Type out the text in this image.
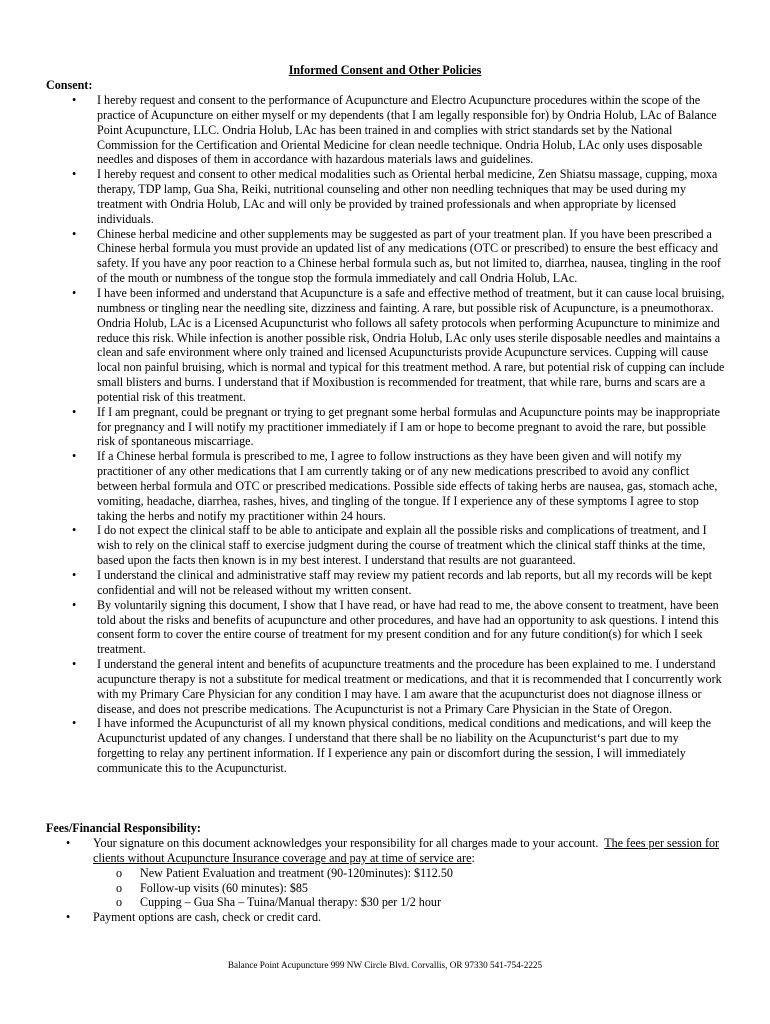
Informed Consent and Other Policies
Consent:
• I hereby request and consent to the performance of Acupuncture and Electro Acupuncture procedures within the scope of the practice of Acupuncture on either myself or my dependents (that I am legally responsible for) by Ondria Holub, LAc of Balance Point Acupuncture, LLC. Ondria Holub, LAc has been trained in and complies with strict standards set by the National Commission for the Certification and Oriental Medicine for clean needle technique. Ondria Holub, LAc only uses disposable needles and disposes of them in accordance with hazardous materials laws and guidelines.
• I hereby request and consent to other medical modalities such as Oriental herbal medicine, Zen Shiatsu massage, cupping, moxa therapy, TDP lamp, Gua Sha, Reiki, nutritional counseling and other non needling techniques that may be used during my treatment with Ondria Holub, LAc and will only be provided by trained professionals and when appropriate by licensed individuals.
• Chinese herbal medicine and other supplements may be suggested as part of your treatment plan. If you have been prescribed a Chinese herbal formula you must provide an updated list of any medications (OTC or prescribed) to ensure the best efficacy and safety. If you have any poor reaction to a Chinese herbal formula such as, but not limited to, diarrhea, nausea, tingling in the roof of the mouth or numbness of the tongue stop the formula immediately and call Ondria Holub, LAc.
• I have been informed and understand that Acupuncture is a safe and effective method of treatment, but it can cause local bruising, numbness or tingling near the needling site, dizziness and fainting. A rare, but possible risk of Acupuncture, is a pneumothorax. Ondria Holub, LAc is a Licensed Acupuncturist who follows all safety protocols when performing Acupuncture to minimize and reduce this risk. While infection is another possible risk, Ondria Holub, LAc only uses sterile disposable needles and maintains a clean and safe environment where only trained and licensed Acupuncturists provide Acupuncture services. Cupping will cause local non painful bruising, which is normal and typical for this treatment method. A rare, but potential risk of cupping can include small blisters and burns. I understand that if Moxibustion is recommended for treatment, that while rare, burns and scars are a potential risk of this treatment.
• If I am pregnant, could be pregnant or trying to get pregnant some herbal formulas and Acupuncture points may be inappropriate for pregnancy and I will notify my practitioner immediately if I am or hope to become pregnant to avoid the rare, but possible risk of spontaneous miscarriage.
• If a Chinese herbal formula is prescribed to me, I agree to follow instructions as they have been given and will notify my practitioner of any other medications that I am currently taking or of any new medications prescribed to avoid any conflict between herbal formula and OTC or prescribed medications. Possible side effects of taking herbs are nausea, gas, stomach ache, vomiting, headache, diarrhea, rashes, hives, and tingling of the tongue. If I experience any of these symptoms I agree to stop taking the herbs and notify my practitioner within 24 hours.
• I do not expect the clinical staff to be able to anticipate and explain all the possible risks and complications of treatment, and I wish to rely on the clinical staff to exercise judgment during the course of treatment which the clinical staff thinks at the time, based upon the facts then known is in my best interest. I understand that results are not guaranteed.
• I understand the clinical and administrative staff may review my patient records and lab reports, but all my records will be kept confidential and will not be released without my written consent.
• By voluntarily signing this document, I show that I have read, or have had read to me, the above consent to treatment, have been told about the risks and benefits of acupuncture and other procedures, and have had an opportunity to ask questions. I intend this consent form to cover the entire course of treatment for my present condition and for any future condition(s) for which I seek treatment.
• I understand the general intent and benefits of acupuncture treatments and the procedure has been explained to me. I understand acupuncture therapy is not a substitute for medical treatment or medications, and that it is recommended that I concurrently work with my Primary Care Physician for any condition I may have. I am aware that the acupuncturist does not diagnose illness or disease, and does not prescribe medications. The Acupuncturist is not a Primary Care Physician in the State of Oregon.
• I have informed the Acupuncturist of all my known physical conditions, medical conditions and medications, and will keep the Acupuncturist updated of any changes. I understand that there shall be no liability on the Acupuncturist‘s part due to my forgetting to relay any pertinent information. If I experience any pain or discomfort during the session, I will immediately communicate this to the Acupuncturist.
Fees/Financial Responsibility:
• Your signature on this document acknowledges your responsibility for all charges made to your account. The fees per session for clients without Acupuncture Insurance coverage and pay at time of service are:
o New Patient Evaluation and treatment (90-120minutes): $112.50
o Follow-up visits (60 minutes): $85
o Cupping – Gua Sha – Tuina/Manual therapy: $30 per 1/2 hour
• Payment options are cash, check or credit card.
Balance Point Acupuncture 999 NW Circle Blvd. Corvallis, OR 97330 541-754-2225
